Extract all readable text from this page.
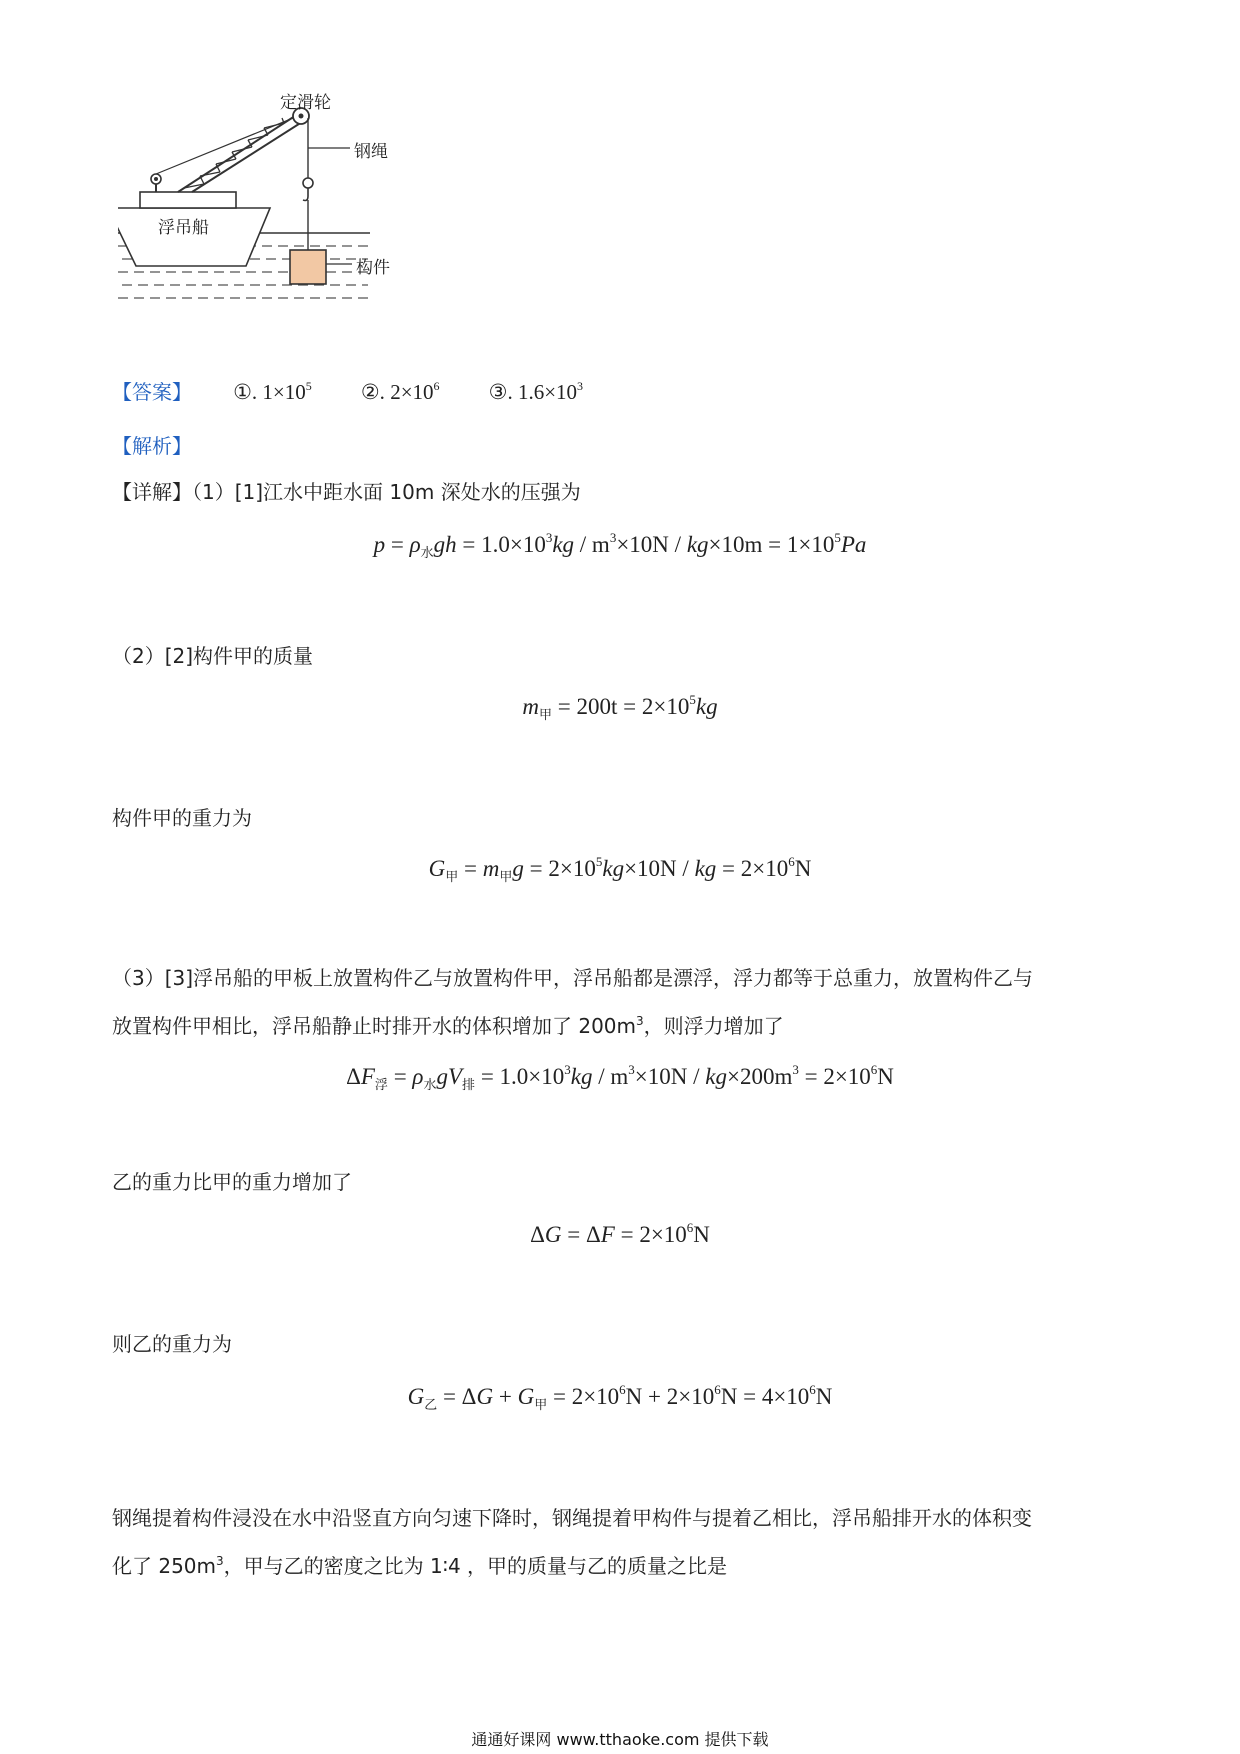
定滑轮
钢绳
浮吊船
构件
【答案】 ①. $1\times 10^5$ ②. $2\times 10^6$ ③. $1.6\times 10^3$
【解析】
【详解】（1）[1]江水中距水面 10m 深处水的压强为
$p = \rho_水gh = 1.0\times 10^3kg / m^3\times 10N / kg\times 10m = 1\times 10^5Pa$
（2）[2]构件甲的质量
$m_甲 = 200t = 2\times 10^5kg$
构件甲的重力为
$G_甲 = m_甲g = 2\times 10^5kg\times 10N$ / kg = $2\times 10^6N$
（3）[3]浮吊船的甲板上放置构件乙与放置构件甲，浮吊船都是漂浮，浮力都等于总重力，放置构件乙与
放置构件甲相比，浮吊船静止时排开水的体积增加了 $200m^3$，则浮力增加了
$\Delta F_浮 = \rho_水gV_排 = 1.0\times 10^3kg / m^3\times 10N / kg\times 200m^3 = 2\times 10^6N$
乙的重力比甲的重力增加了
$\Delta G = \Delta F = 2\times 10^6N$
则乙的重力为
$G_乙 = \Delta G + G_甲 = 2\times 10^6N + 2\times 10^6N = 4\times 10^6N$
钢绳提着构件浸没在水中沿竖直方向匀速下降时，钢绳提着甲构件与提着乙相比，浮吊船排开水的体积变
化了 $250m^3$，甲与乙的密度之比为 1∶4 ，甲的质量与乙的质量之比是
通通好课网 www.tthaoke.com 提供下载
